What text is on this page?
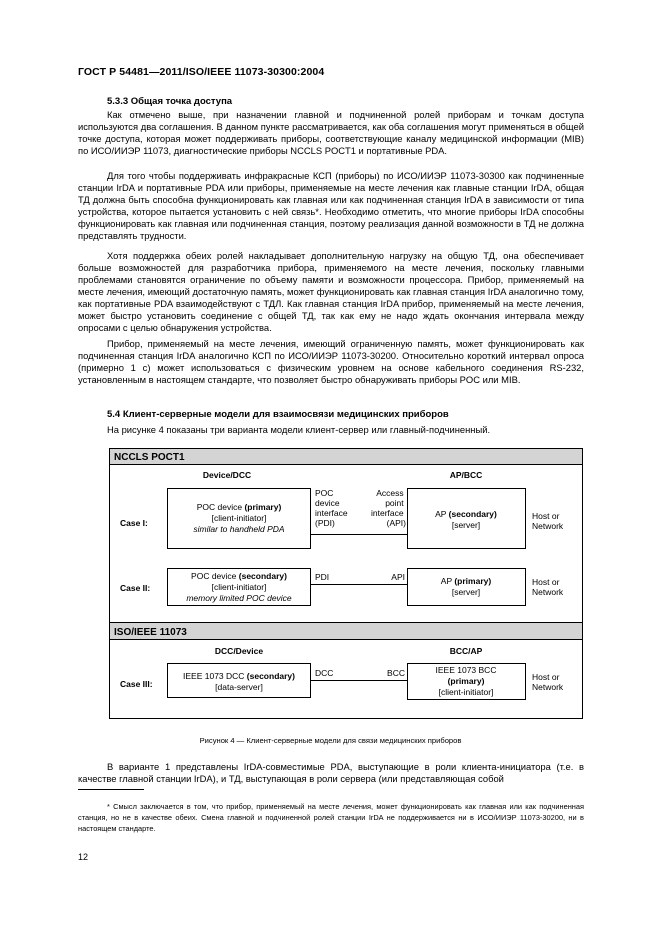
ГОСТ Р 54481—2011/ISO/IEEE 11073-30300:2004
5.3.3 Общая точка доступа

Как отмечено выше, при назначении главной и подчиненной ролей приборам и точкам доступа используются два соглашения. В данном пункте рассматривается, как оба соглашения могут применяться в общей точке доступа, которая может поддерживать приборы, соответствующие каналу медицинской информации (MIB) по ИСО/ИИЭР 11073, диагностические приборы NCCLS POCT1 и портативные PDA.

Для того чтобы поддерживать инфракрасные КСП (приборы) по ИСО/ИИЭР 11073-30300 как подчиненные станции IrDA и портативные PDA или приборы, применяемые на месте лечения как главные станции IrDA, общая ТД должна быть способна функционировать как главная или как подчиненная станция IrDA в зависимости от типа устройства, которое пытается установить с ней связь*. Необходимо отметить, что многие приборы IrDA способны функционировать как главная или подчиненная станция, поэтому реализация данной возможности в ТД не должна представлять трудности.

Хотя поддержка обеих ролей накладывает дополнительную нагрузку на общую ТД, она обеспечивает больше возможностей для разработчика прибора, применяемого на месте лечения, поскольку главными проблемами становятся ограничение по объему памяти и возможности процессора. Прибор, применяемый на месте лечения, имеющий достаточную память, может функционировать как главная станция IrDA аналогично тому, как портативные PDA взаимодействуют с ТДЛ. Как главная станция IrDA прибор, применяемый на месте лечения, может быстро установить соединение с общей ТД, так как ему не надо ждать окончания интервала между опросами с целью обнаружения устройства.

Прибор, применяемый на месте лечения, имеющий ограниченную память, может функционировать как подчиненная станция IrDA аналогично КСП по ИСО/ИИЭР 11073-30200. Относительно короткий интервал опроса (примерно 1 с) может использоваться с физическим уровнем на основе кабельного соединения RS-232, установленным в настоящем стандарте, что позволяет быстро обнаруживать приборы POC или MIB.

5.4 Клиент-серверные модели для взаимосвязи медицинских приборов

На рисунке 4 показаны три варианта модели клиент-сервер или главный-подчиненный.

NCCLS POCT1
Device/DCC	AP/BCC
Case I:
POC device (primary)
[client-initiator]
similar to handheld PDA
POC device interface (PDI)
Access point interface (API)
AP (secondary)
[server]
Host or Network
Case II:
POC device (secondary)
[client-initiator]
memory limited POC device
PDI	API	AP (primary)
[server]
Host or Network
ISO/IEEE 11073
DCC/Device	BCC/AP
Case III:
IEEE 1073 DCC (secondary)
[data-server]
DCC	BCC	IEEE 1073 BCC
(primary)
[client-initiator]
Host or Network
Рисунок 4 — Клиент-серверные модели для связи медицинских приборов

В варианте 1 представлены IrDA-совместимые PDA, выступающие в роли клиента-инициатора (т.е. в качестве главной станции IrDA), и ТД, выступающая в роли сервера (или представляющая собой

* Смысл заключается в том, что прибор, применяемый на месте лечения, может функционировать как главная или как подчиненная станция, но не в качестве обеих. Смена главной и подчиненной ролей станции IrDA не поддерживается ни в ИСО/ИИЭР 11073-30200, ни в настоящем стандарте.

12
